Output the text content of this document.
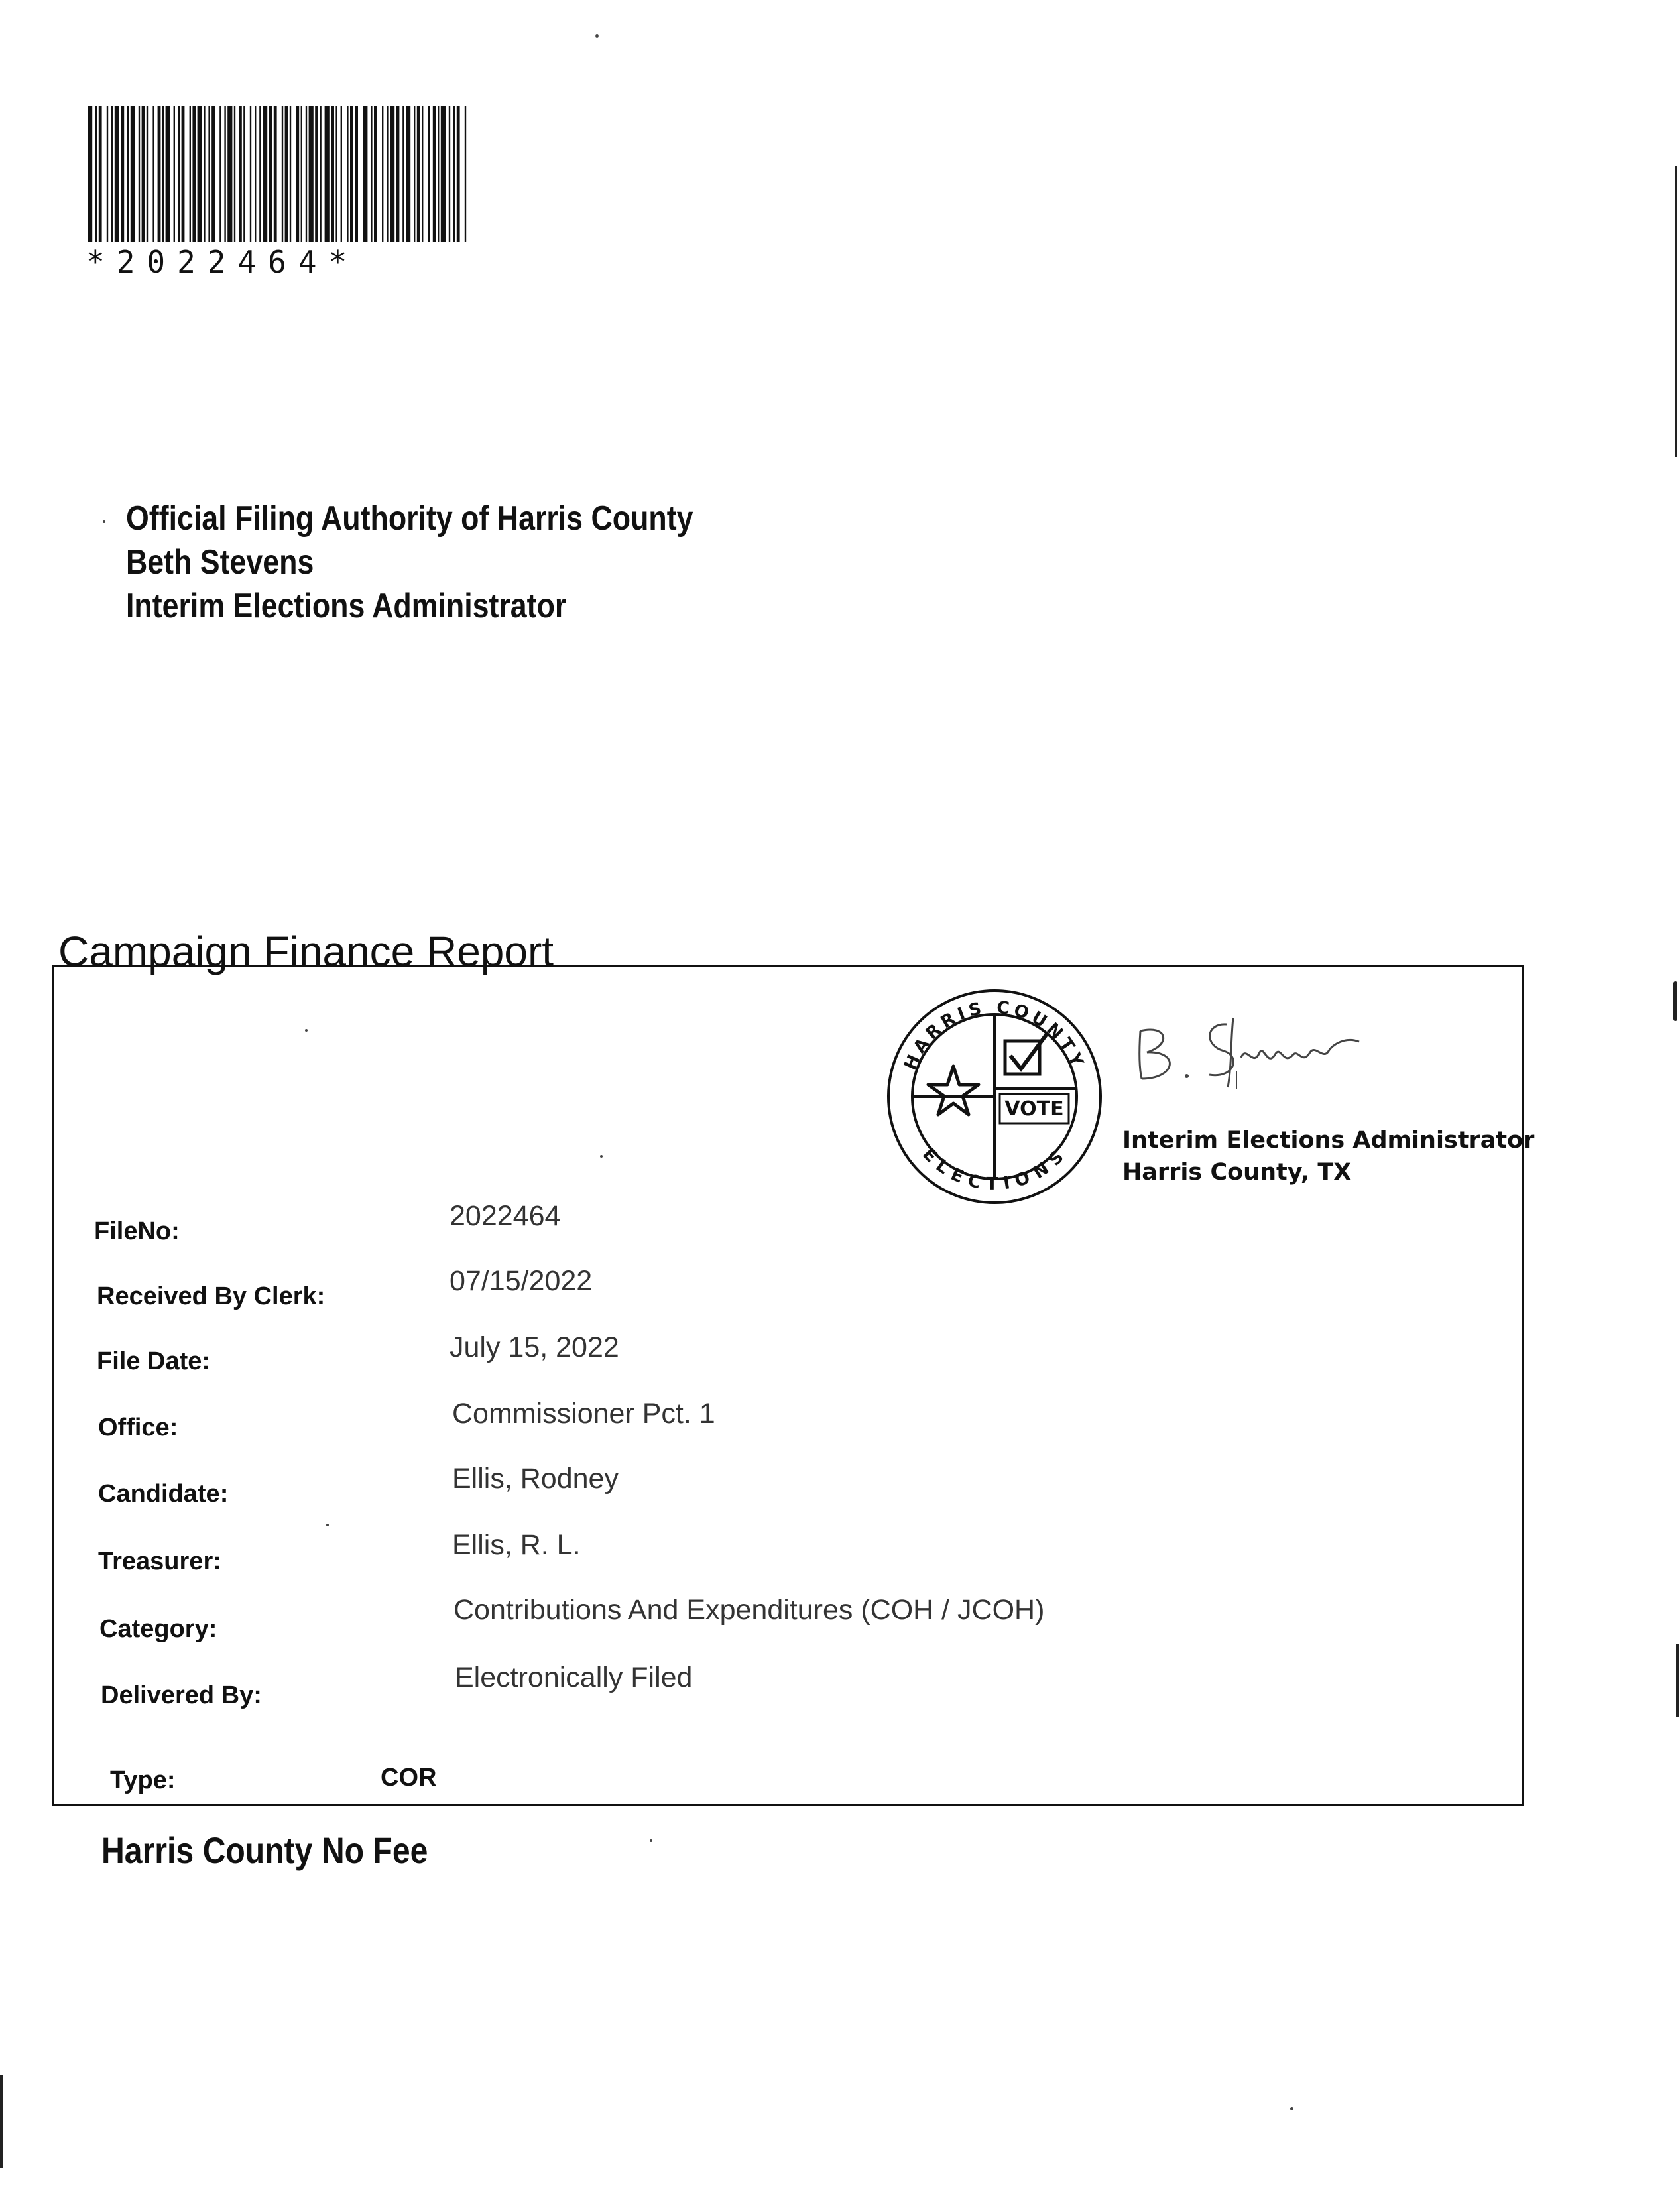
*2022464*
Official Filing Authority of Harris County
Beth Stevens
Interim Elections Administrator
Campaign Finance Report
HARRIS COUNTY
ELECTIONS
VOTE
Interim Elections Administrator
Harris County, TX
FileNo:	2022464
Received By Clerk:	07/15/2022
File Date:	July 15, 2022
Office:	Commissioner Pct. 1
Candidate:	Ellis, Rodney
Treasurer:
Ellis, R. L.
Category:
Contributions And Expenditures (COH / JCOH)
Delivered By:
Electronically Filed
Type:	COR
Harris County No Fee
